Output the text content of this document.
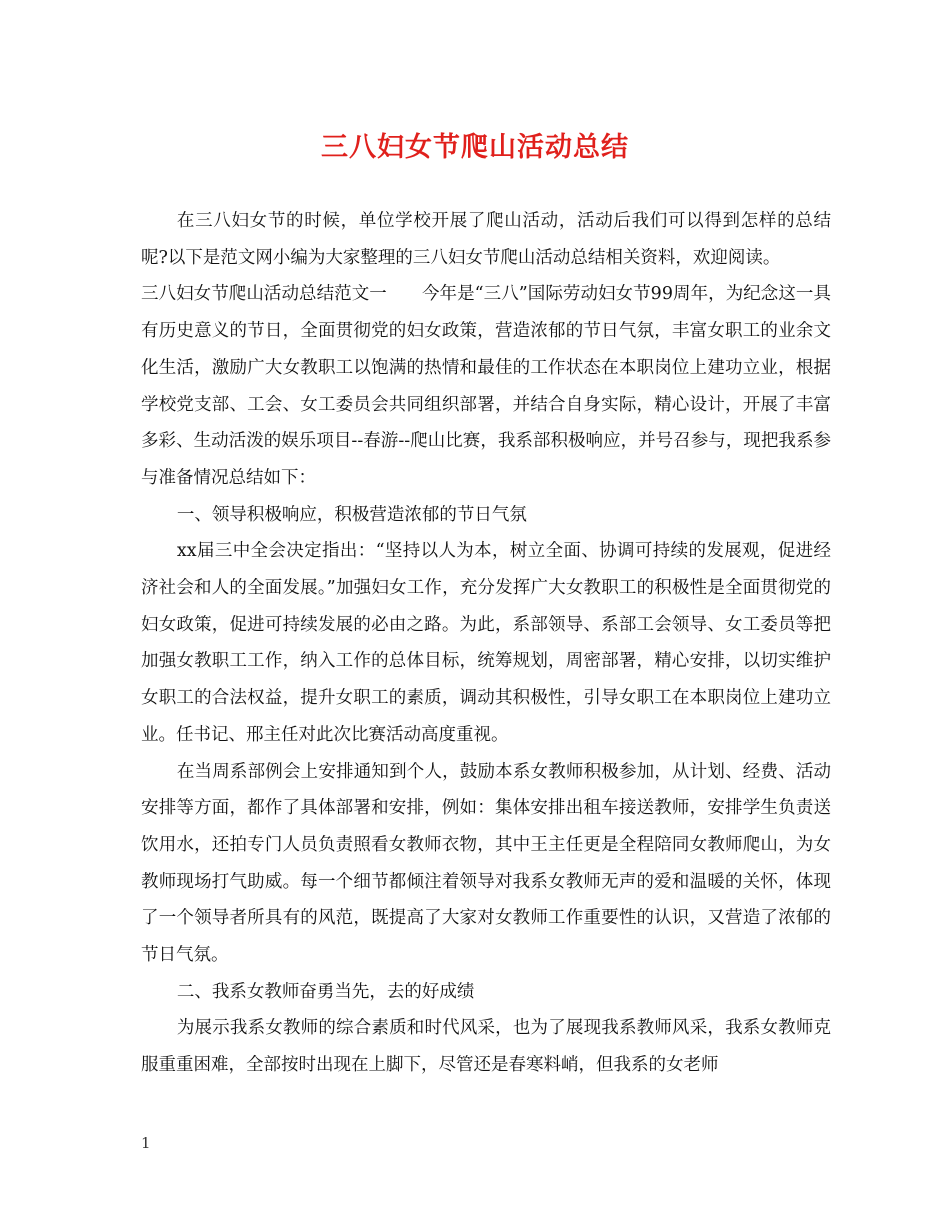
三八妇女节爬山活动总结

在三八妇女节的时候，单位学校开展了爬山活动，活动后我们可以得到怎样的总结呢?以下是范文网小编为大家整理的三八妇女节爬山活动总结相关资料，欢迎阅读。

三八妇女节爬山活动总结范文一　　今年是“三八”国际劳动妇女节99周年，为纪念这一具有历史意义的节日，全面贯彻党的妇女政策，营造浓郁的节日气氛，丰富女职工的业余文化生活，激励广大女教职工以饱满的热情和最佳的工作状态在本职岗位上建功立业，根据学校党支部、工会、女工委员会共同组织部署，并结合自身实际，精心设计，开展了丰富多彩、生动活泼的娱乐项目--春游--爬山比赛，我系部积极响应，并号召参与，现把我系参与准备情况总结如下：

一、领导积极响应，积极营造浓郁的节日气氛

xx届三中全会决定指出：“坚持以人为本，树立全面、协调可持续的发展观，促进经济社会和人的全面发展。”加强妇女工作，充分发挥广大女教职工的积极性是全面贯彻党的妇女政策，促进可持续发展的必由之路。为此，系部领导、系部工会领导、女工委员等把加强女教职工工作，纳入工作的总体目标，统筹规划，周密部署，精心安排，以切实维护女职工的合法权益，提升女职工的素质，调动其积极性，引导女职工在本职岗位上建功立业。任书记、邢主任对此次比赛活动高度重视。

在当周系部例会上安排通知到个人，鼓励本系女教师积极参加，从计划、经费、活动安排等方面，都作了具体部署和安排，例如：集体安排出租车接送教师，安排学生负责送饮用水，还拍专门人员负责照看女教师衣物，其中王主任更是全程陪同女教师爬山，为女教师现场打气助威。每一个细节都倾注着领导对我系女教师无声的爱和温暖的关怀，体现了一个领导者所具有的风范，既提高了大家对女教师工作重要性的认识，又营造了浓郁的节日气氛。

二、我系女教师奋勇当先，去的好成绩

为展示我系女教师的综合素质和时代风采，也为了展现我系教师风采，我系女教师克服重重困难，全部按时出现在上脚下，尽管还是春寒料峭，但我系的女老师

1
